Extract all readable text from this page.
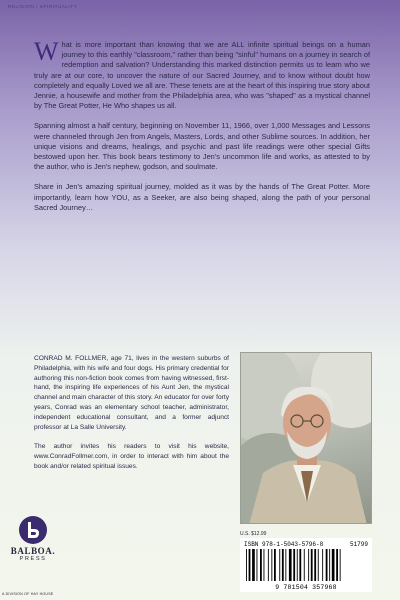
RELIGION / SPIRITUALITY

What is more important than knowing that we are ALL infinite spiritual beings on a human journey to this earthly "classroom," rather than being "sinful" humans on a journey in search of redemption and salvation? Understanding this marked distinction permits us to learn who we truly are at our core, to uncover the nature of our Sacred Journey, and to know without doubt how completely and equally Loved we all are. These tenets are at the heart of this inspiring true story about Jennie, a housewife and mother from the Philadelphia area, who was "shaped" as a mystical channel by The Great Potter, He Who shapes us all.

Spanning almost a half century, beginning on November 11, 1966, over 1,000 Messages and Lessons were channeled through Jen from Angels, Masters, Lords, and other Sublime sources. In addition, her unique visions and dreams, healings, and psychic and past life readings were other special Gifts bestowed upon her. This book bears testimony to Jen's uncommon life and works, as attested to by the author, who is Jen's nephew, godson, and soulmate.

Share in Jen's amazing spiritual journey, molded as it was by the hands of The Great Potter. More importantly, learn how YOU, as a Seeker, are also being shaped, along the path of your personal Sacred Journey…

CONRAD M. FOLLMER, age 71, lives in the western suburbs of Philadelphia, with his wife and four dogs. His primary credential for authoring this non-fiction book comes from having witnessed, first-hand, the inspiring life experiences of his Aunt Jen, the mystical channel and main character of this story. An educator for over forty years, Conrad was an elementary school teacher, administrator, independent educational consultant, and a former adjunct professor at La Salle University.

The author invites his readers to visit his website, www.ConradFollmer.com, in order to interact with him about the book and/or related spiritual issues.

U.S. $12.99
ISBN 978-1-5043-5796-8	51799
9 781504 357968
BALBOA.
PRESS
A DIVISION OF HAY HOUSE
